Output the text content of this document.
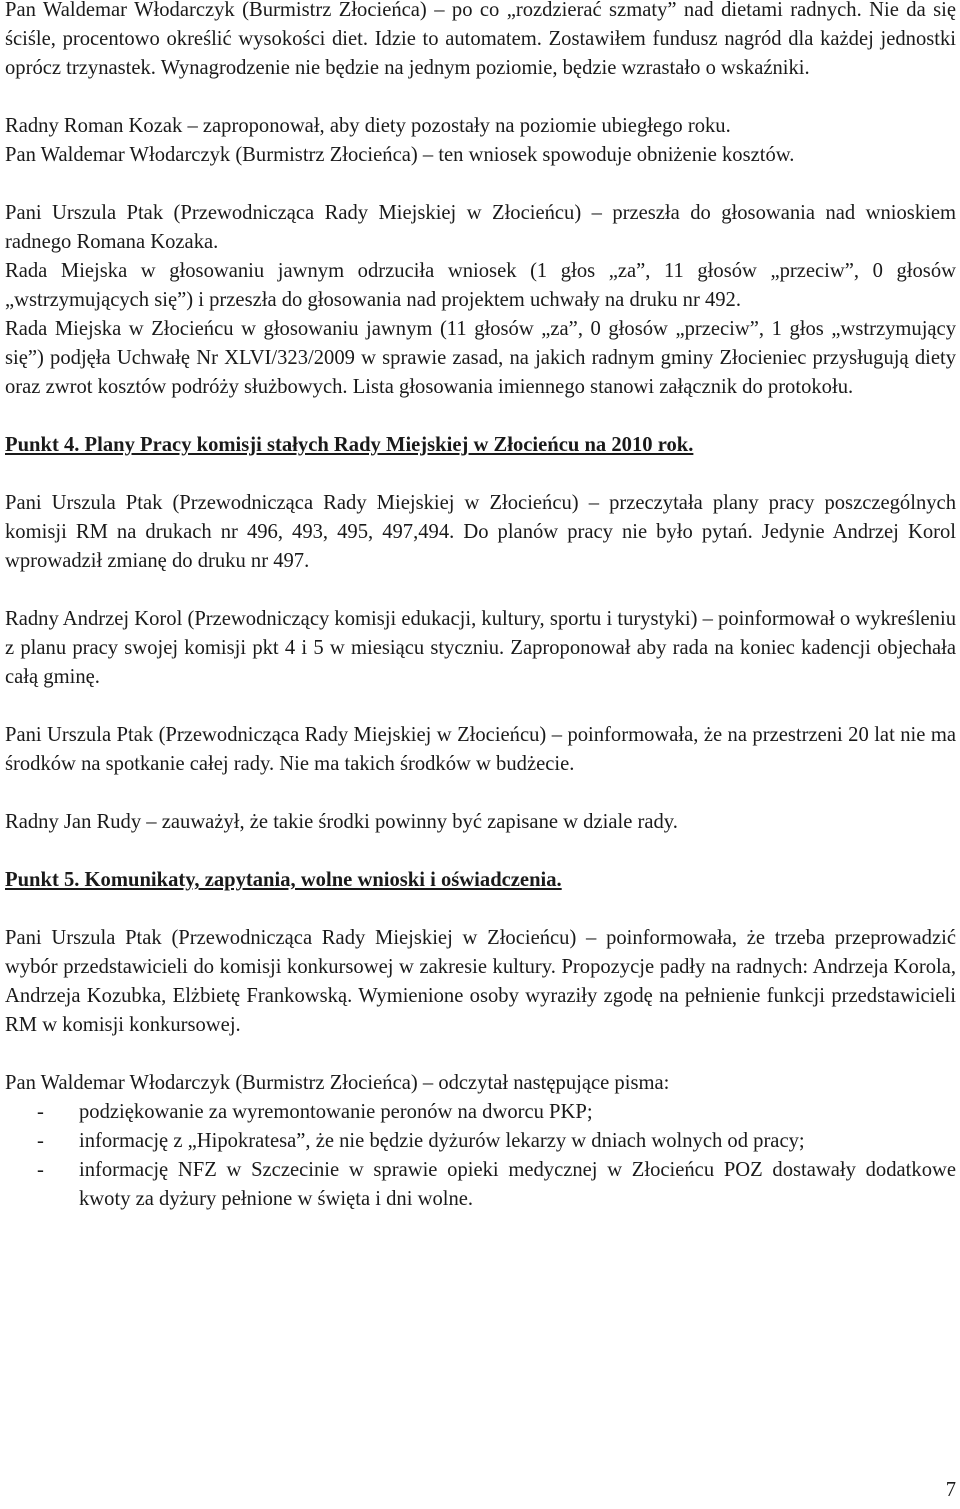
Pan Waldemar Włodarczyk (Burmistrz Złocieńca) – po co „rozdzierać szmaty” nad dietami radnych. Nie da się ściśle, procentowo określić wysokości diet. Idzie to automatem. Zostawiłem fundusz nagród dla każdej jednostki oprócz trzynastek. Wynagrodzenie nie będzie na jednym poziomie, będzie wzrastało o wskaźniki.

Radny Roman Kozak – zaproponował, aby diety pozostały na poziomie ubiegłego roku.

Pan Waldemar Włodarczyk (Burmistrz Złocieńca) – ten wniosek spowoduje obniżenie kosztów.

Pani Urszula Ptak (Przewodnicząca Rady Miejskiej w Złocieńcu) – przeszła do głosowania nad wnioskiem radnego Romana Kozaka.

Rada Miejska w głosowaniu jawnym odrzuciła wniosek (1 głos „za”, 11 głosów „przeciw”, 0 głosów „wstrzymujących się”) i przeszła do głosowania nad projektem uchwały na druku nr 492.

Rada Miejska w Złocieńcu w głosowaniu jawnym (11 głosów „za”, 0 głosów „przeciw”, 1 głos „wstrzymujący się”) podjęła Uchwałę Nr XLVI/323/2009 w sprawie zasad, na jakich radnym gminy Złocieniec przysługują diety oraz zwrot kosztów podróży służbowych. Lista głosowania imiennego stanowi załącznik do protokołu.

Punkt 4. Plany Pracy komisji stałych Rady Miejskiej w Złocieńcu na 2010 rok.

Pani Urszula Ptak (Przewodnicząca Rady Miejskiej w Złocieńcu) – przeczytała plany pracy poszczególnych komisji RM na drukach nr 496, 493, 495, 497,494. Do planów pracy nie było pytań. Jedynie Andrzej Korol wprowadził zmianę do druku nr 497.

Radny Andrzej Korol (Przewodniczący komisji edukacji, kultury, sportu i turystyki) – poinformował o wykreśleniu z planu pracy swojej komisji pkt 4 i 5 w miesiącu styczniu. Zaproponował aby rada na koniec kadencji objechała całą gminę.

Pani Urszula Ptak (Przewodnicząca Rady Miejskiej w Złocieńcu) – poinformowała, że na przestrzeni 20 lat nie ma środków na spotkanie całej rady. Nie ma takich środków w budżecie.

Radny Jan Rudy – zauważył, że takie środki powinny być zapisane w dziale rady.

Punkt 5. Komunikaty, zapytania, wolne wnioski i oświadczenia.

Pani Urszula Ptak (Przewodnicząca Rady Miejskiej w Złocieńcu) – poinformowała, że trzeba przeprowadzić wybór przedstawicieli do komisji konkursowej w zakresie kultury. Propozycje padły na radnych: Andrzeja Korola, Andrzeja Kozubka, Elżbietę Frankowską. Wymienione osoby wyraziły zgodę na pełnienie funkcji przedstawicieli RM w komisji konkursowej.

Pan Waldemar Włodarczyk (Burmistrz Złocieńca) – odczytał następujące pisma:

- podziękowanie za wyremontowanie peronów na dworcu PKP;
- informację z „Hipokratesa”, że nie będzie dyżurów lekarzy w dniach wolnych od pracy;
- informację NFZ w Szczecinie w sprawie opieki medycznej w Złocieńcu POZ dostawały dodatkowe kwoty za dyżury pełnione w święta i dni wolne.
7
